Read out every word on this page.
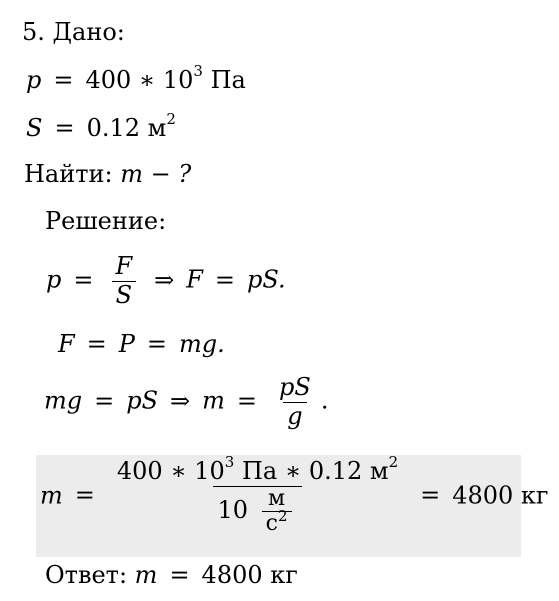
5. Дано:
p = 400 ∗ $10^3$ Па
S = 0.12 $м^2$
Найти: m − ?
Решение:
$p = \frac{F}{S}$ ⇒ F = pS.
F = P = mg.
mg = pS ⇒ $m = \frac{pS}{g}$ .
$m = \frac{400 ∗ 10^3 Па ∗ 0.12 м^2}{10 \frac{м}{с^2}} = 4800$ кг
Ответ: m = 4800 кг
